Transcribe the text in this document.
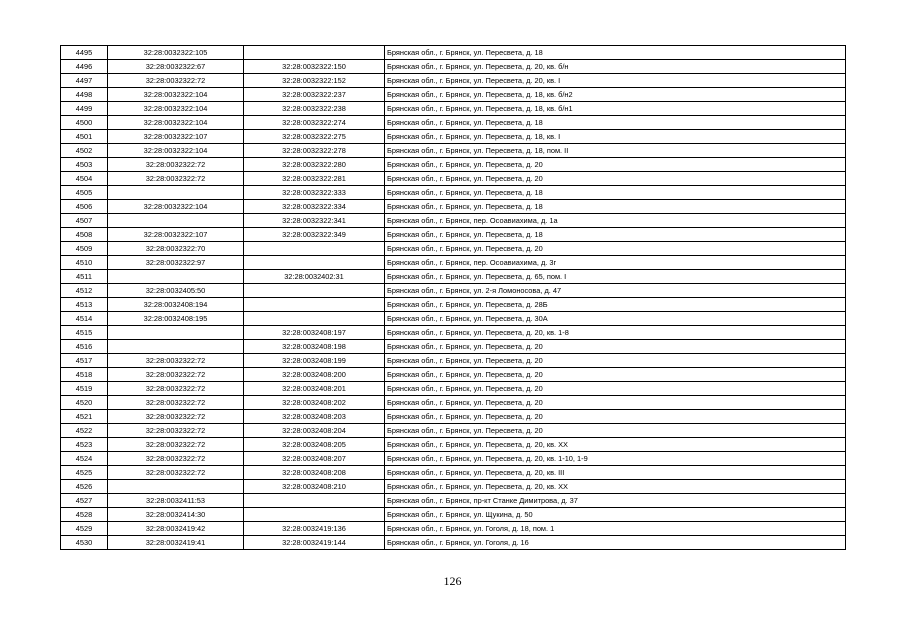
4495	32:28:0032322:105		Брянская обл., г. Брянск, ул. Пересвета, д. 18
4496	32:28:0032322:67	32:28:0032322:150	Брянская обл., г. Брянск, ул. Пересвета, д. 20, кв. б/н
4497	32:28:0032322:72	32:28:0032322:152	Брянская обл., г. Брянск, ул. Пересвета, д. 20, кв. I
4498	32:28:0032322:104	32:28:0032322:237	Брянская обл., г. Брянск, ул. Пересвета, д. 18, кв. б/н2
4499	32:28:0032322:104	32:28:0032322:238	Брянская обл., г. Брянск, ул. Пересвета, д. 18, кв. б/н1
4500	32:28:0032322:104	32:28:0032322:274	Брянская обл., г. Брянск, ул. Пересвета, д. 18
4501	32:28:0032322:107	32:28:0032322:275	Брянская обл., г. Брянск, ул. Пересвета, д. 18, кв. I
4502	32:28:0032322:104	32:28:0032322:278	Брянская обл., г. Брянск, ул. Пересвета, д. 18, пом. II
4503	32:28:0032322:72	32:28:0032322:280	Брянская обл., г. Брянск, ул. Пересвета, д. 20
4504	32:28:0032322:72	32:28:0032322:281	Брянская обл., г. Брянск, ул. Пересвета, д. 20
4505		32:28:0032322:333	Брянская обл., г. Брянск, ул. Пересвета, д. 18
4506	32:28:0032322:104	32:28:0032322:334	Брянская обл., г. Брянск, ул. Пересвета, д. 18
4507		32:28:0032322:341	Брянская обл., г. Брянск, пер. Осоавиахима, д. 1а
4508	32:28:0032322:107	32:28:0032322:349	Брянская обл., г. Брянск, ул. Пересвета, д. 18
4509	32:28:0032322:70		Брянская обл., г. Брянск, ул. Пересвета, д. 20
4510	32:28:0032322:97		Брянская обл., г. Брянск, пер. Осоавиахима, д. 3г
4511		32:28:0032402:31	Брянская обл., г. Брянск, ул. Пересвета, д. 65, пом. I
4512	32:28:0032405:50		Брянская обл., г. Брянск, ул. 2-я Ломоносова, д. 47
4513	32:28:0032408:194		Брянская обл., г. Брянск, ул. Пересвета, д. 28Б
4514	32:28:0032408:195		Брянская обл., г. Брянск, ул. Пересвета, д. 30А
4515		32:28:0032408:197	Брянская обл., г. Брянск, ул. Пересвета, д. 20, кв. 1-8
4516		32:28:0032408:198	Брянская обл., г. Брянск, ул. Пересвета, д. 20
4517	32:28:0032322:72	32:28:0032408:199	Брянская обл., г. Брянск, ул. Пересвета, д. 20
4518	32:28:0032322:72	32:28:0032408:200	Брянская обл., г. Брянск, ул. Пересвета, д. 20
4519	32:28:0032322:72	32:28:0032408:201	Брянская обл., г. Брянск, ул. Пересвета, д. 20
4520	32:28:0032322:72	32:28:0032408:202	Брянская обл., г. Брянск, ул. Пересвета, д. 20
4521	32:28:0032322:72	32:28:0032408:203	Брянская обл., г. Брянск, ул. Пересвета, д. 20
4522	32:28:0032322:72	32:28:0032408:204	Брянская обл., г. Брянск, ул. Пересвета, д. 20
4523	32:28:0032322:72	32:28:0032408:205	Брянская обл., г. Брянск, ул. Пересвета, д. 20, кв. XX
4524	32:28:0032322:72	32:28:0032408:207	Брянская обл., г. Брянск, ул. Пересвета, д. 20, кв. 1-10, 1-9
4525	32:28:0032322:72	32:28:0032408:208	Брянская обл., г. Брянск, ул. Пересвета, д. 20, кв. III
4526		32:28:0032408:210	Брянская обл., г. Брянск, ул. Пересвета, д. 20, кв. XX
4527	32:28:0032411:53		Брянская обл., г. Брянск, пр-кт Станке Димитрова, д. 37
4528	32:28:0032414:30		Брянская обл., г. Брянск, ул. Щукина, д. 50
4529	32:28:0032419:42	32:28:0032419:136	Брянская обл., г. Брянск, ул. Гоголя, д. 18, пом. 1
4530	32:28:0032419:41	32:28:0032419:144	Брянская обл., г. Брянск, ул. Гоголя, д. 16
126
